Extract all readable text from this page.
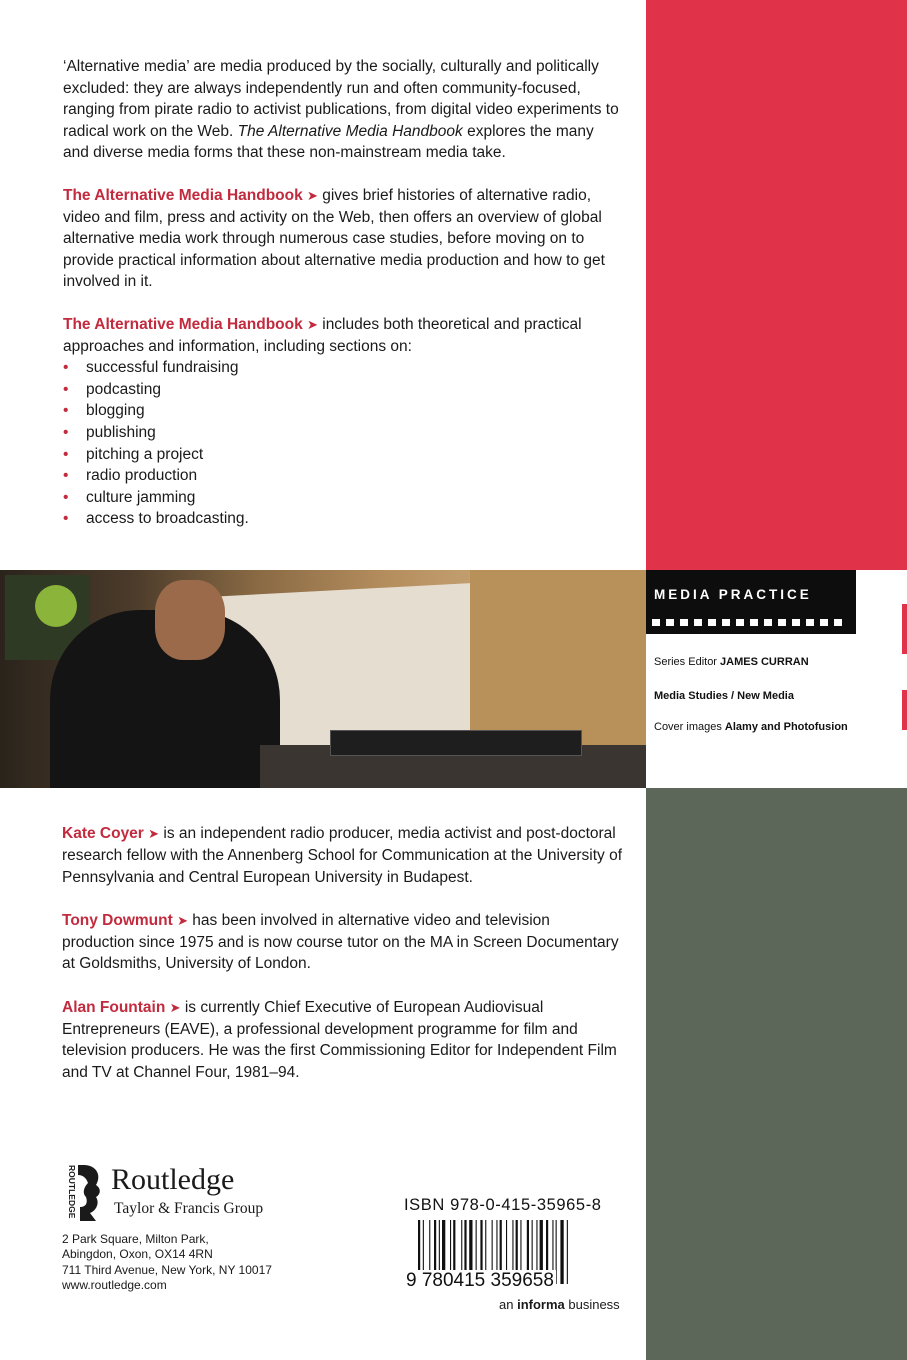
‘Alternative media’ are media produced by the socially, culturally and politically excluded: they are always independently run and often community-focused, ranging from pirate radio to activist publications, from digital video experiments to radical work on the Web. The Alternative Media Handbook explores the many and diverse media forms that these non-mainstream media take.

The Alternative Media Handbook ➤ gives brief histories of alternative radio, video and film, press and activity on the Web, then offers an overview of global alternative media work through numerous case studies, before moving on to provide practical information about alternative media production and how to get involved in it.

The Alternative Media Handbook ➤ includes both theoretical and practical approaches and information, including sections on:
• successful fundraising
• podcasting
• blogging
• publishing
• pitching a project
• radio production
• culture jamming
• access to broadcasting.
MEDIA PRACTICE
Series Editor JAMES CURRAN
Media Studies / New Media
Cover images Alamy and Photofusion

Kate Coyer ➤ is an independent radio producer, media activist and post-doctoral research fellow with the Annenberg School for Communication at the University of Pennsylvania and Central European University in Budapest.

Tony Dowmunt ➤ has been involved in alternative video and television production since 1975 and is now course tutor on the MA in Screen Documentary at Goldsmiths, University of London.

Alan Fountain ➤ is currently Chief Executive of European Audiovisual Entrepreneurs (EAVE), a professional development programme for film and television producers. He was the first Commissioning Editor for Independent Film and TV at Channel Four, 1981–94.

ROUTLEDGE Routledge
Taylor & Francis Group
2 Park Square, Milton Park,
Abingdon, Oxon, OX14 4RN
711 Third Avenue, New York, NY 10017
www.routledge.com
ISBN 978-0-415-35965-8
9 780415 359658
an informa business
